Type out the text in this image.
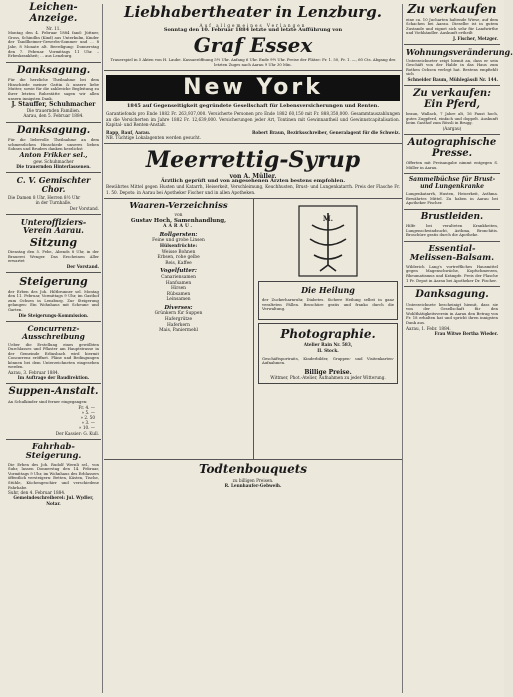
Leichen-Anzeige.
Nr. 11.

Montag den 4. Februar 1884 fand: Jüttner, Gross, Schindlin (Kind) aus Unterkulm, Kinder der Tandlheimer-Gewerbs-Sommer und ... 8 Jahr, 8 Monate alt. Beerdigung: Donnerstag den 7. Februar. Vormittags 11 Uhr. – Erbeskrankheit; ... aus Lenzburg.

Danksagung.

Für die herzliche Theilnahme bei dem Hinschiede meiner Gattin & unsere liebe Mutter, sowie für die zahlreiche Begleitung zu ihrer letzten Ruhestätte sagen wir allen unsern innigsten Dank.

J. Stauffer, Schuhmacher
Die trauernden Familien.
Aarau, den 5. Februar 1884.
Danksagung.

Für die liebevolle Theilnahme an dem schmerzlichen Hinschiede unseres lieben Sohnes und Bruders danken herzlichst

Anton Frikker sel.,
gew. Schuhmacher
Die trauernden Hinterlassenen.
C. V. Gemischter Chor.
Die Damen 8 Uhr, Herren 8½ Uhr
in der Turnhalle.
Der Vorstand.
Unteroffiziers-Verein Aarau.
Sitzung

Dienstag den 5. Febr., Abends 8 Uhr, in der Brauerei Wenger. Das Erscheinen Aller erwartet

Der Vorstand.
Steigerung

der Erben des Joh. Hiltbrunner sel. Montag den 11. Februar, Vormittags 9 Uhr, im Gasthof zum Ochsen in Lenzburg. Zur Steigerung gelangen: Ein Wohnhaus mit Scheune und Garten.

Die Steigerungs-Kommission.
Concurrenz-Ausschreibung

Ueber die Erstellung eines gewölbten Durchlasses und Pflaster am Hauptstrasse in der Gemeinde Erlinsbach wird hiermit Concurrenz eröffnet. Pläne und Bedingungen können bei dem Unterzeichneten eingesehen werden.

Aarau, 3. Februar 1884.
Im Auftrage der Baudirektion.
Suppen-Anstalt.

An Schulkinder sind ferner eingegangen:

Fr. 4. —
» 5. —
» 2. 50
» 3. —
» 10. —
Der Kassier: G. Kull.
Fahrhab-Steigerung.

Die Erben des Joh. Rudolf Wernli sel., von Suhr, lassen Donnerstag den 14. Februar, Vormittags 9 Uhr, im Wohnhaus des Erblassers öffentlich versteigern: Betten, Kästen, Tische, Stühle, Küchengeschirr und verschiedene Fahrhabe.

Suhr, den 4. Februar 1884.
Gemeindeschreiberei: Jul. Wydler, Notar.
Liebhabertheater in Lenzburg.
Auf allgemeines Verlangen
Sonntag den 10. Februar 1884 letzte und letzte Aufführung von
Graf Essex

Trauerspiel in 5 Akten von H. Laube. Kassaeröffnung 5½ Uhr. Anfang 6 Uhr. Ende 9½ Uhr. Preise der Plätze: Fr. 1. 50, Fr. 1. —, 60 Cts. Abgang des letzten Zuges nach Aarau 9 Uhr 30 Min.

New York
1845 auf Gegenseitigkeit gegründete Gesellschaft für Lebensversicherungen und Renten.

Garantiefonds pro Ende 1882 Fr. 263,937,000. Versicherte Personen pro Ende 1882 60,150 mit Fr. 888,350,000. Gesammtauszahlungen an die Versicherten im Jahre 1882 Fr. 12,639,000. Versicherungen jeder Art, Tontinen mit Gewinnantheil und Gewinnstcapitalisation. Kapital- und Renten-Anstalt.

Rapp, Bauf, Aarau.	Robert Braun, Bezirksschreiber, Generalagent für die Schweiz.
NB. Tüchtige Lokalagenten werden gesucht.
Meerrettig-Syrup
von A. Müller.
Ärztlich geprüft und von angesehenen Ärzten bestens empfohlen.

Bewährtes Mittel gegen Husten und Katarrh, Heiserkeit, Verschleimung, Keuchhusten, Brust- und Lungenkatarrh. Preis der Flasche Fr. 1. 50. Depots: in Aarau bei Apotheker Fischer und in allen Apotheken.

Waaren-Verzeichniss
von
Gustav Hoch, Samenhandlung,
AARAU.
Rollgersten:
Feine und grobe Linsen
Hülsenfrüchte:
Weisse Bohnen
Erbsen, rohe gelbe
Reis, Kaffee
Vogelfutter:
Canariensamen
Hanfsamen
Hirsen
Rübsamen
Leinsamen
Diverses:
Grünkern für Suppen
Hafergrütze
Haferkern
Mais, Paniermehl
M.
Die Heilung

der Zuckerharnruhr, Diabetes. Sichere Heilung selbst in ganz veralteten Fällen. Broschüre gratis und franko durch die Verwaltung.

Photographie.
Atelier Rain Nr. 583,
II. Stock.

Geschäftsportraits, Kinderbilder, Gruppen- und Visitenkarten-Aufnahmen.

Billige Preise.
Wittmer, Phot.-Atelier, Aufnahmen zu jeder Witterung.
Todtenbouquets
zu billigen Preisen.
R. Lennhaufer-Gebweih.
Zu verkaufen

eine ca. 10 Jucharten haltende Wiese, auf dem Schachen bei Aarau. Dieselbe ist in gutem Zustande und eignet sich sehr für Landwirthe und Viehhändler. Auskunft ertheilt

J. Fischer, Metzger.
Wohnungsveränderung.

Unterzeichneter zeigt hiemit an, dass er sein Geschäft von der Halde in das Haus zum Rothen Ochsen verlegt hat. Bestens empfiehlt sich

Schneider Baum, Mühlegässli Nr. 144.
Zu verkaufen: Ein Pferd,

braun, Wallach, 7 Jahre alt, 16 Faust hoch, gutes Zugpferd, einfach und doppelt. Auskunft beim Gasthof zum Rössli in Brugg.

(Aargau)
Autographische Presse.

Offerten mit Preisangabe nimmt entgegen S. Müller in Aarau.

Sammelbüchse für Brust- und Lungenkranke

Lungenkatarrh, Husten, Heiserkeit, Asthma. Bewährtes Mittel. Zu haben in Aarau bei Apotheker Fischer.

Brustleiden.

Hilfe bei veralteten Krankheiten, Lungenschwindsucht, Asthma, Bronchitis. Broschüre gratis durch die Apotheke.

Essential-Melissen-Balsam.

Wilderich Lang's vortreffliches Hausmittel gegen Magenschwäche, Kopfschmerzen, Rheumatismus und Krämpfe. Preis der Flasche 1 Fr. Depot in Aarau bei Apotheker Dr. Fischer.

Danksagung.

Unterzeichnete bescheinigt hiemit, dass sie von der Gesellschaft für den Wohlthätigkeitsverein in Aarau den Betrag von Fr. 18 erhalten hat und spricht ihren innigsten Dank aus.

Aarau, 1. Febr. 1884.
Frau Witwe Bertha Wieder.
